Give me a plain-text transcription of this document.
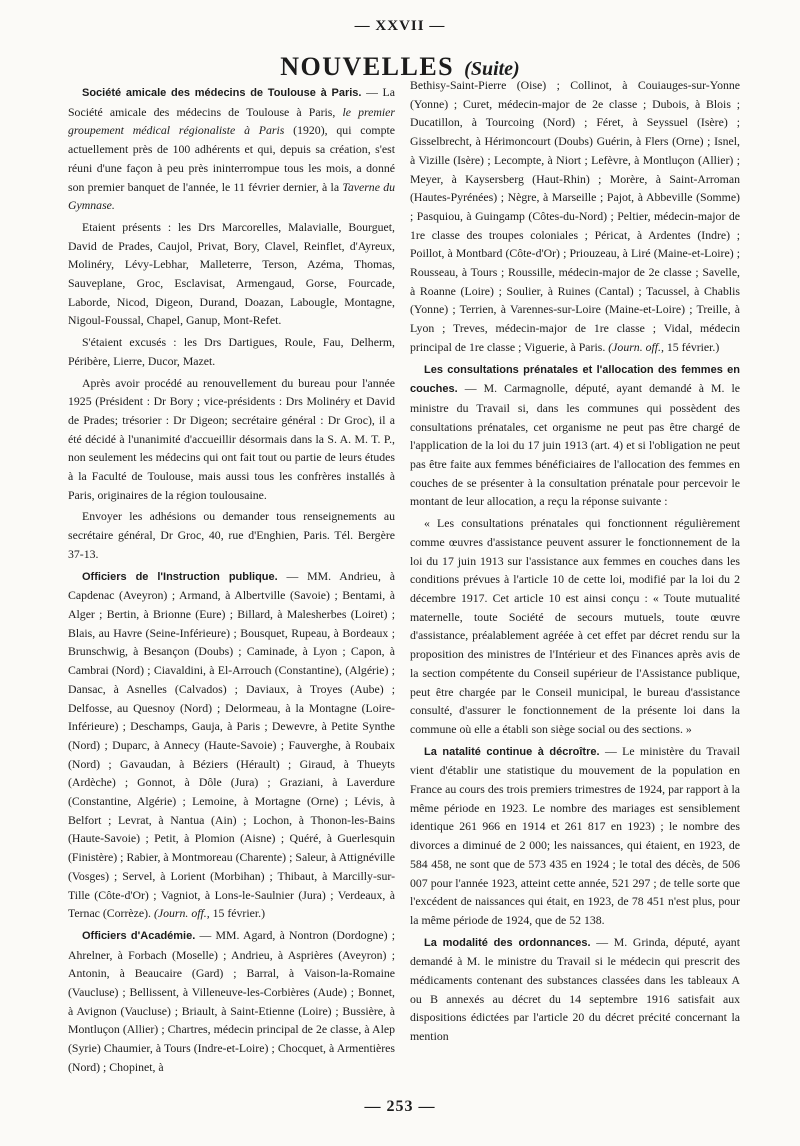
— XXVII —
NOUVELLES (Suite)

Société amicale des médecins de Toulouse à Paris. — La Société amicale des médecins de Toulouse à Paris, le premier groupement médical régionaliste à Paris (1920), qui compte actuellement près de 100 adhérents et qui, depuis sa création, s'est réuni d'une façon à peu près ininterrompue tous les mois, a donné son premier banquet de l'année, le 11 février dernier, à la Taverne du Gymnase.

Etaient présents : les Drs Marcorelles, Malavialle, Bourguet, David de Prades, Caujol, Privat, Bory, Clavel, Reinflet, d'Ayreux, Molinéry, Lévy-Lebhar, Malleterre, Terson, Azéma, Thomas, Sauveplane, Groc, Esclavisat, Armengaud, Gorse, Fourcade, Laborde, Nicod, Digeon, Durand, Doazan, Labougle, Montagne, Nigoul-Foussal, Chapel, Ganup, Mont-Refet.

S'étaient excusés : les Drs Dartigues, Roule, Fau, Delherm, Péribère, Lierre, Ducor, Mazet.

Après avoir procédé au renouvellement du bureau pour l'année 1925 (Président : Dr Bory ; vice-présidents : Drs Molinéry et David de Prades; trésorier : Dr Digeon; secrétaire général : Dr Groc), il a été décidé à l'unanimité d'accueillir désormais dans la S. A. M. T. P., non seulement les médecins qui ont fait tout ou partie de leurs études à la Faculté de Toulouse, mais aussi tous les confrères installés à Paris, originaires de la région toulousaine.

Envoyer les adhésions ou demander tous renseignements au secrétaire général, Dr Groc, 40, rue d'Enghien, Paris. Tél. Bergère 37-13.

Officiers de l'Instruction publique. — MM. Andrieu, à Capdenac (Aveyron) ; Armand, à Albertville (Savoie) ; Bentami, à Alger ; Bertin, à Brionne (Eure) ; Billard, à Malesherbes (Loiret) ; Blais, au Havre (Seine-Inférieure) ; Bousquet, Rupeau, à Bordeaux ; Brunschwig, à Besançon (Doubs) ; Caminade, à Lyon ; Capon, à Cambrai (Nord) ; Ciavaldini, à El-Arrouch (Constantine), (Algérie) ; Dansac, à Asnelles (Calvados) ; Daviaux, à Troyes (Aube) ; Delfosse, au Quesnoy (Nord) ; Delormeau, à la Montagne (Loire-Inférieure) ; Deschamps, Gauja, à Paris ; Dewevre, à Petite Synthe (Nord) ; Duparc, à Annecy (Haute-Savoie) ; Fauverghe, à Roubaix (Nord) ; Gavaudan, à Béziers (Hérault) ; Giraud, à Thueyts (Ardèche) ; Gonnot, à Dôle (Jura) ; Graziani, à Laverdure (Constantine, Algérie) ; Lemoine, à Mortagne (Orne) ; Lévis, à Belfort ; Levrat, à Nantua (Ain) ; Lochon, à Thonon-les-Bains (Haute-Savoie) ; Petit, à Plomion (Aisne) ; Quéré, à Guerlesquin (Finistère) ; Rabier, à Montmoreau (Charente) ; Saleur, à Attignéville (Vosges) ; Servel, à Lorient (Morbihan) ; Thibaut, à Marcilly-sur-Tille (Côte-d'Or) ; Vagniot, à Lons-le-Saulnier (Jura) ; Verdeaux, à Ternac (Corrèze). (Journ. off., 15 février.)

Officiers d'Académie. — MM. Agard, à Nontron (Dordogne) ; Ahrelner, à Forbach (Moselle) ; Andrieu, à Asprières (Aveyron) ; Antonin, à Beaucaire (Gard) ; Barral, à Vaison-la-Romaine (Vaucluse) ; Bellissent, à Villeneuve-les-Corbières (Aude) ; Bonnet, à Avignon (Vaucluse) ; Briault, à Saint-Etienne (Loire) ; Bussière, à Montluçon (Allier) ; Chartres, médecin principal de 2e classe, à Alep (Syrie) Chaumier, à Tours (Indre-et-Loire) ; Chocquet, à Armentières (Nord) ; Chopinet, à

Bethisy-Saint-Pierre (Oise) ; Collinot, à Couiauges-sur-Yonne (Yonne) ; Curet, médecin-major de 2e classe ; Dubois, à Blois ; Ducatillon, à Tourcoing (Nord) ; Féret, à Seyssuel (Isère) ; Gisselbrecht, à Hérimoncourt (Doubs) Guérin, à Flers (Orne) ; Isnel, à Vizille (Isère) ; Lecompte, à Niort ; Lefèvre, à Montluçon (Allier) ; Meyer, à Kaysersberg (Haut-Rhin) ; Morère, à Saint-Arroman (Hautes-Pyrénées) ; Nègre, à Marseille ; Pajot, à Abbeville (Somme) ; Pasquiou, à Guingamp (Côtes-du-Nord) ; Peltier, médecin-major de 1re classe des troupes coloniales ; Péricat, à Ardentes (Indre) ; Poillot, à Montbard (Côte-d'Or) ; Priouzeau, à Liré (Maine-et-Loire) ; Rousseau, à Tours ; Roussille, médecin-major de 2e classe ; Savelle, à Roanne (Loire) ; Soulier, à Ruines (Cantal) ; Tacussel, à Chablis (Yonne) ; Terrien, à Varennes-sur-Loire (Maine-et-Loire) ; Treille, à Lyon ; Treves, médecin-major de 1re classe ; Vidal, médecin principal de 1re classe ; Viguerie, à Paris. (Journ. off., 15 février.)

Les consultations prénatales et l'allocation des femmes en couches. — M. Carmagnolle, député, ayant demandé à M. le ministre du Travail si, dans les communes qui possèdent des consultations prénatales, cet organisme ne peut pas être chargé de l'application de la loi du 17 juin 1913 (art. 4) et si l'obligation ne peut pas être faite aux femmes bénéficiaires de l'allocation des femmes en couches de se présenter à la consultation prénatale pour percevoir le montant de leur allocation, a reçu la réponse suivante :

« Les consultations prénatales qui fonctionnent régulièrement comme œuvres d'assistance peuvent assurer le fonctionnement de la loi du 17 juin 1913 sur l'assistance aux femmes en couches dans les conditions prévues à l'article 10 de cette loi, modifié par la loi du 2 décembre 1917. Cet article 10 est ainsi conçu : « Toute mutualité maternelle, toute Société de secours mutuels, toute œuvre d'assistance, préalablement agréée à cet effet par décret rendu sur la proposition des ministres de l'Intérieur et des Finances après avis de la section compétente du Conseil supérieur de l'Assistance publique, peut être chargée par le Conseil municipal, le bureau d'assistance consulté, d'assurer le fonctionnement de la présente loi dans la commune où elle a établi son siège social ou des sections. »

La natalité continue à décroître. — Le ministère du Travail vient d'établir une statistique du mouvement de la population en France au cours des trois premiers trimestres de 1924, par rapport à la même période en 1923. Le nombre des mariages est sensiblement identique 261 966 en 1914 et 261 817 en 1923) ; le nombre des divorces a diminué de 2 000; les naissances, qui étaient, en 1923, de 584 458, ne sont que de 573 435 en 1924 ; le total des décès, de 506 007 pour l'année 1923, atteint cette année, 521 297 ; de telle sorte que l'excédent de naissances qui était, en 1923, de 78 451 n'est plus, pour la même période de 1924, que de 52 138.

La modalité des ordonnances. — M. Grinda, député, ayant demandé à M. le ministre du Travail si le médecin qui prescrit des médicaments contenant des substances classées dans les tableaux A ou B annexés au décret du 14 septembre 1916 satisfait aux dispositions édictées par l'article 20 du décret précité concernant la mention

— 253 —
